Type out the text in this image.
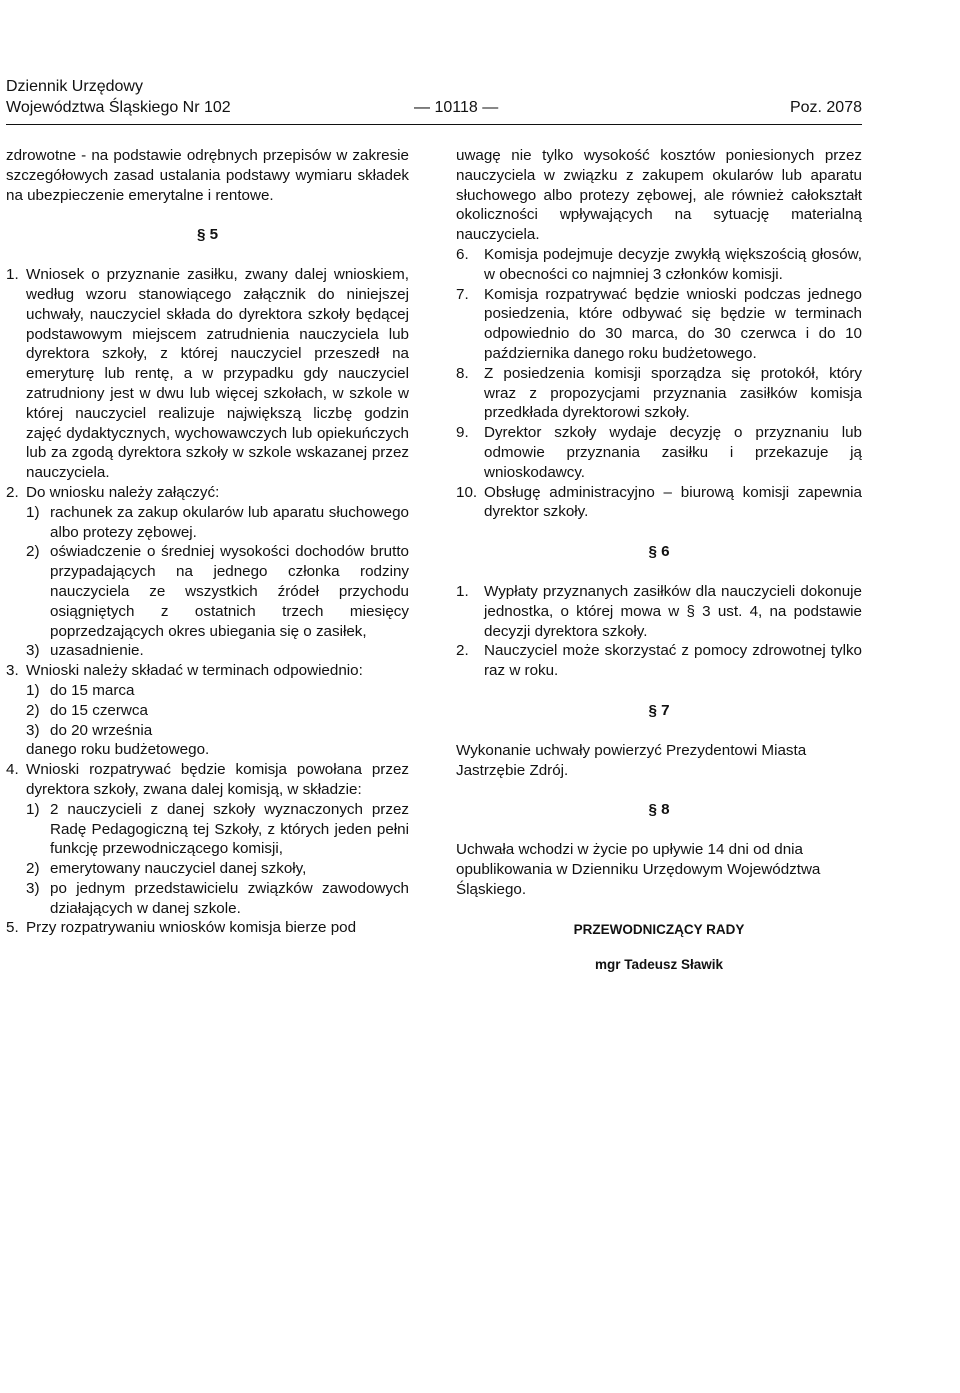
Dziennik Urzędowy
Województwa Śląskiego Nr 102	— 10118 —	Poz. 2078

zdrowotne - na podstawie odrębnych przepisów w zakresie szczegółowych zasad ustalania podstawy wymiaru składek na ubezpieczenie emerytalne i rentowe.

§ 5

1. Wniosek o przyznanie zasiłku, zwany dalej wnioskiem, według wzoru stanowiącego załącznik do niniejszej uchwały, nauczyciel składa do dyrektora szkoły będącej podstawowym miejscem zatrudnienia nauczyciela lub dyrektora szkoły, z której nauczyciel przeszedł na emeryturę lub rentę, a w przypadku gdy nauczyciel zatrudniony jest w dwu lub więcej szkołach, w szkole w której nauczyciel realizuje największą liczbę godzin zajęć dydaktycznych, wychowawczych lub opiekuńczych lub za zgodą dyrektora szkoły w szkole wskazanej przez nauczyciela.
2. Do wniosku należy załączyć:
1) rachunek za zakup okularów lub aparatu słuchowego albo protezy zębowej.
2) oświadczenie o średniej wysokości dochodów brutto przypadających na jednego członka rodziny nauczyciela ze wszystkich źródeł przychodu osiągniętych z ostatnich trzech miesięcy poprzedzających okres ubiegania się o zasiłek,
3) uzasadnienie.
3. Wnioski należy składać w terminach odpowiednio:
1) do 15 marca
2) do 15 czerwca
3) do 20 września

danego roku budżetowego.

4. Wnioski rozpatrywać będzie komisja powołana przez dyrektora szkoły, zwana dalej komisją, w składzie:
1) 2 nauczycieli z danej szkoły wyznaczonych przez Radę Pedagogiczną tej Szkoły, z których jeden pełni funkcję przewodniczącego komisji,
2) emerytowany nauczyciel danej szkoły,
3) po jednym przedstawicielu związków zawodowych działających w danej szkole.
5. Przy rozpatrywaniu wniosków komisja bierze pod

uwagę nie tylko wysokość kosztów poniesionych przez nauczyciela w związku z zakupem okularów lub aparatu słuchowego albo protezy zębowej, ale również całokształt okoliczności wpływających na sytuację materialną nauczyciela.

6.	Komisja podejmuje decyzje zwykłą większością głosów, w obecności co najmniej 3 członków komisji.
7.	Komisja rozpatrywać będzie wnioski podczas jednego posiedzenia, które odbywać się będzie w terminach odpowiednio do 30 marca, do 30 czerwca i do 10 października danego roku budżetowego.
8.	Z posiedzenia komisji sporządza się protokół, który wraz z propozycjami przyznania zasiłków komisja przedkłada dyrektorowi szkoły.
9.	Dyrektor szkoły wydaje decyzję o przyznaniu lub odmowie przyznania zasiłku i przekazuje ją wnioskodawcy.
10. Obsługę administracyjno – biurową komisji zapewnia dyrektor szkoły.

§ 6

1.	Wypłaty przyznanych zasiłków dla nauczycieli dokonuje jednostka, o której mowa w § 3 ust. 4, na podstawie decyzji dyrektora szkoły.
2.	Nauczyciel może skorzystać z pomocy zdrowotnej tylko raz w roku.

§ 7

Wykonanie uchwały powierzyć Prezydentowi Miasta Jastrzębie Zdrój.

§ 8

Uchwała wchodzi w życie po upływie 14 dni od dnia opublikowania w Dzienniku Urzędowym Województwa Śląskiego.

PRZEWODNICZĄCY RADY

mgr Tadeusz Sławik
